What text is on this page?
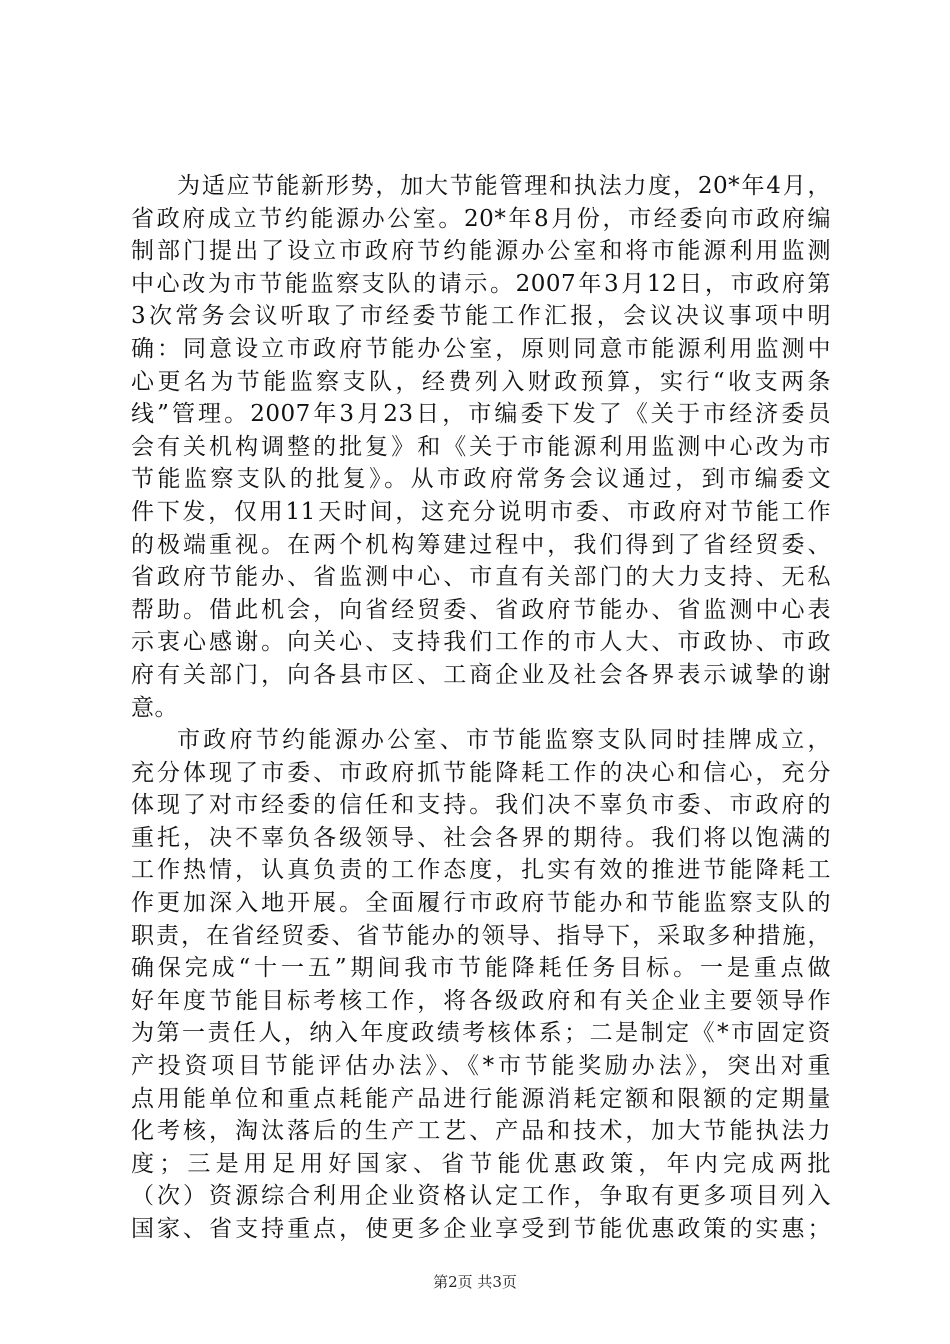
为适应节能新形势，加大节能管理和执法力度，20*年4月，
省政府成立节约能源办公室。20*年8月份，市经委向市政府编
制部门提出了设立市政府节约能源办公室和将市能源利用监测
中心改为市节能监察支队的请示。2007年3月12日，市政府第
3次常务会议听取了市经委节能工作汇报，会议决议事项中明
确：同意设立市政府节能办公室，原则同意市能源利用监测中
心更名为节能监察支队，经费列入财政预算，实行“收支两条
线”管理。2007年3月23日，市编委下发了《关于市经济委员
会有关机构调整的批复》和《关于市能源利用监测中心改为市
节能监察支队的批复》。从市政府常务会议通过，到市编委文
件下发，仅用11天时间，这充分说明市委、市政府对节能工作
的极端重视。在两个机构筹建过程中，我们得到了省经贸委、
省政府节能办、省监测中心、市直有关部门的大力支持、无私
帮助。借此机会，向省经贸委、省政府节能办、省监测中心表
示衷心感谢。向关心、支持我们工作的市人大、市政协、市政
府有关部门，向各县市区、工商企业及社会各界表示诚挚的谢
意。
市政府节约能源办公室、市节能监察支队同时挂牌成立，
充分体现了市委、市政府抓节能降耗工作的决心和信心，充分
体现了对市经委的信任和支持。我们决不辜负市委、市政府的
重托，决不辜负各级领导、社会各界的期待。我们将以饱满的
工作热情，认真负责的工作态度，扎实有效的推进节能降耗工
作更加深入地开展。全面履行市政府节能办和节能监察支队的
职责，在省经贸委、省节能办的领导、指导下，采取多种措施，
确保完成“十一五”期间我市节能降耗任务目标。一是重点做
好年度节能目标考核工作，将各级政府和有关企业主要领导作
为第一责任人，纳入年度政绩考核体系；二是制定《*市固定资
产投资项目节能评估办法》、《*市节能奖励办法》，突出对重
点用能单位和重点耗能产品进行能源消耗定额和限额的定期量
化考核，淘汰落后的生产工艺、产品和技术，加大节能执法力
度；三是用足用好国家、省节能优惠政策，年内完成两批
（次）资源综合利用企业资格认定工作，争取有更多项目列入
国家、省支持重点，使更多企业享受到节能优惠政策的实惠；
第2页 共3页
